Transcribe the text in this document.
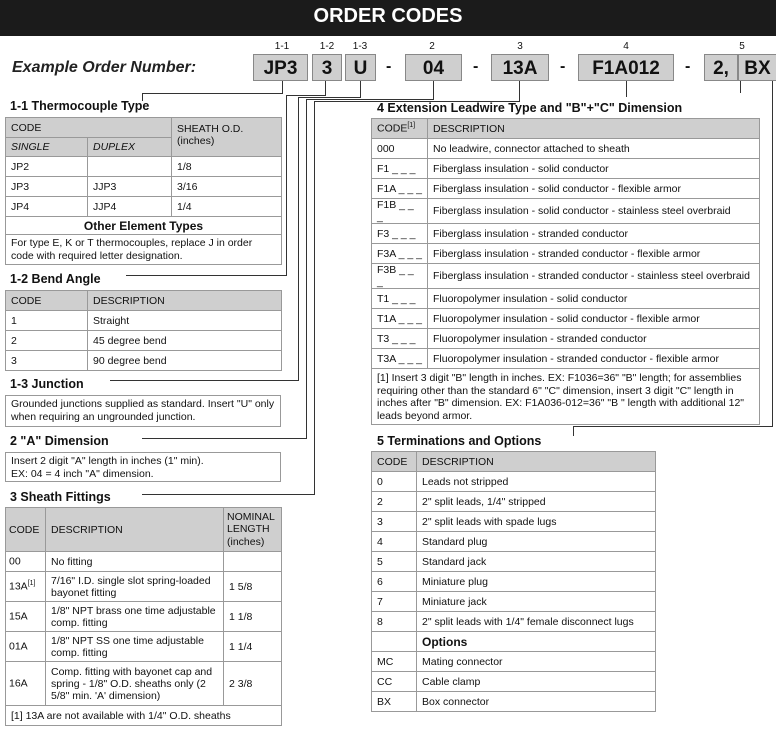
ORDER CODES
Example Order Number:
1-1	1-2	1-3	2	3	4	5
JP3	3	U	-	04	-	13A	-	F1A012	-	2, BX
1-1 Thermocouple Type
CODE		SHEATH O.D. (inches)
SINGLE	DUPLEX	
JP2		1/8
JP3	JJP3	3/16
JP4	JJP4	1/4
Other Element Types		
For type E, K or T thermocouples, replace J in order code with required letter designation.		
1-2 Bend Angle
CODE	DESCRIPTION
1	Straight
2	45 degree bend
3	90 degree bend
1-3 Junction
Grounded junctions supplied as standard. Insert "U" only when requiring an ungrounded junction.
2 "A" Dimension
Insert 2 digit "A" length in inches (1" min).
EX: 04 = 4 inch "A" dimension.
3 Sheath Fittings
CODE	DESCRIPTION	NOMINAL LENGTH (inches)
00	No fitting	
13A[1]	7/16" I.D. single slot spring-loaded bayonet fitting	1 5/8
15A	1/8" NPT brass one time adjustable comp. fitting	1 1/8
01A	1/8" NPT SS one time adjustable comp. fitting	1 1/4
16A	Comp. fitting with bayonet cap and spring - 1/8" O.D. sheaths only (2 5/8" min. 'A' dimension)	2 3/8
[1] 13A are not available with 1/4" O.D. sheaths		
4 Extension Leadwire Type and "B"+"C" Dimension
CODE[1]	DESCRIPTION
000	No leadwire, connector attached to sheath
F1 _ _ _	Fiberglass insulation - solid conductor
F1A _ _ _	Fiberglass insulation - solid conductor - flexible armor
F1B _ _ _	Fiberglass insulation - solid conductor - stainless steel overbraid
F3 _ _ _	Fiberglass insulation - stranded conductor
F3A _ _ _	Fiberglass insulation - stranded conductor - flexible armor
F3B _ _ _	Fiberglass insulation - stranded conductor - stainless steel overbraid
T1 _ _ _	Fluoropolymer insulation - solid conductor
T1A _ _ _	Fluoropolymer insulation - solid conductor - flexible armor
T3 _ _ _	Fluoropolymer insulation - stranded conductor
T3A _ _ _	Fluoropolymer insulation - stranded conductor - flexible armor
[1] Insert 3 digit "B" length in inches. EX: F1036=36" "B" length; for assemblies requiring other than the standard 6" "C" dimension, insert 3 digit "C" length in inches after "B" dimension. EX: F1A036-012=36" "B " length with additional 12" leads beyond armor.	
5 Terminations and Options
CODE	DESCRIPTION
0	Leads not stripped
2	2" split leads, 1/4" stripped
3	2" split leads with spade lugs
4	Standard plug
5	Standard jack
6	Miniature plug
7	Miniature jack
8	2" split leads with 1/4" female disconnect lugs
	Options
MC	Mating connector
CC	Cable clamp
BX	Box connector
